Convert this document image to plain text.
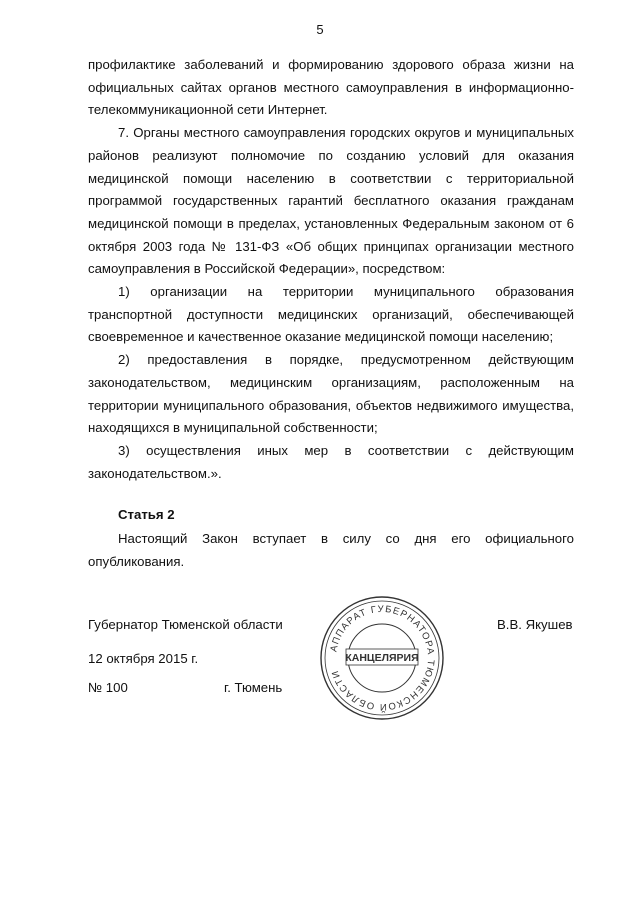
5

профилактике заболеваний и формированию здорового образа жизни на официальных сайтах органов местного самоуправления в информационно-телекоммуникационной сети Интернет.

7. Органы местного самоуправления городских округов и муниципальных районов реализуют полномочие по созданию условий для оказания медицинской помощи населению в соответствии с территориальной программой государственных гарантий бесплатного оказания гражданам медицинской помощи в пределах, установленных Федеральным законом от 6 октября 2003 года № 131-ФЗ «Об общих принципах организации местного самоуправления в Российской Федерации», посредством:

1) организации на территории муниципального образования транспортной доступности медицинских организаций, обеспечивающей своевременное и качественное оказание медицинской помощи населению;

2) предоставления в порядке, предусмотренном действующим законодательством, медицинским организациям, расположенным на территории муниципального образования, объектов недвижимого имущества, находящихся в муниципальной собственности;

3) осуществления иных мер в соответствии с действующим законодательством.».

Статья 2

Настоящий Закон вступает в силу со дня его официального опубликования.

Губернатор Тюменской области	В.В. Якушев
12 октября 2015 г.
№ 100	г. Тюмень
АППАРАТ ГУБЕРНАТОРА ТЮМЕНСКОЙ ОБЛАСТИ
КАНЦЕЛЯРИЯ
